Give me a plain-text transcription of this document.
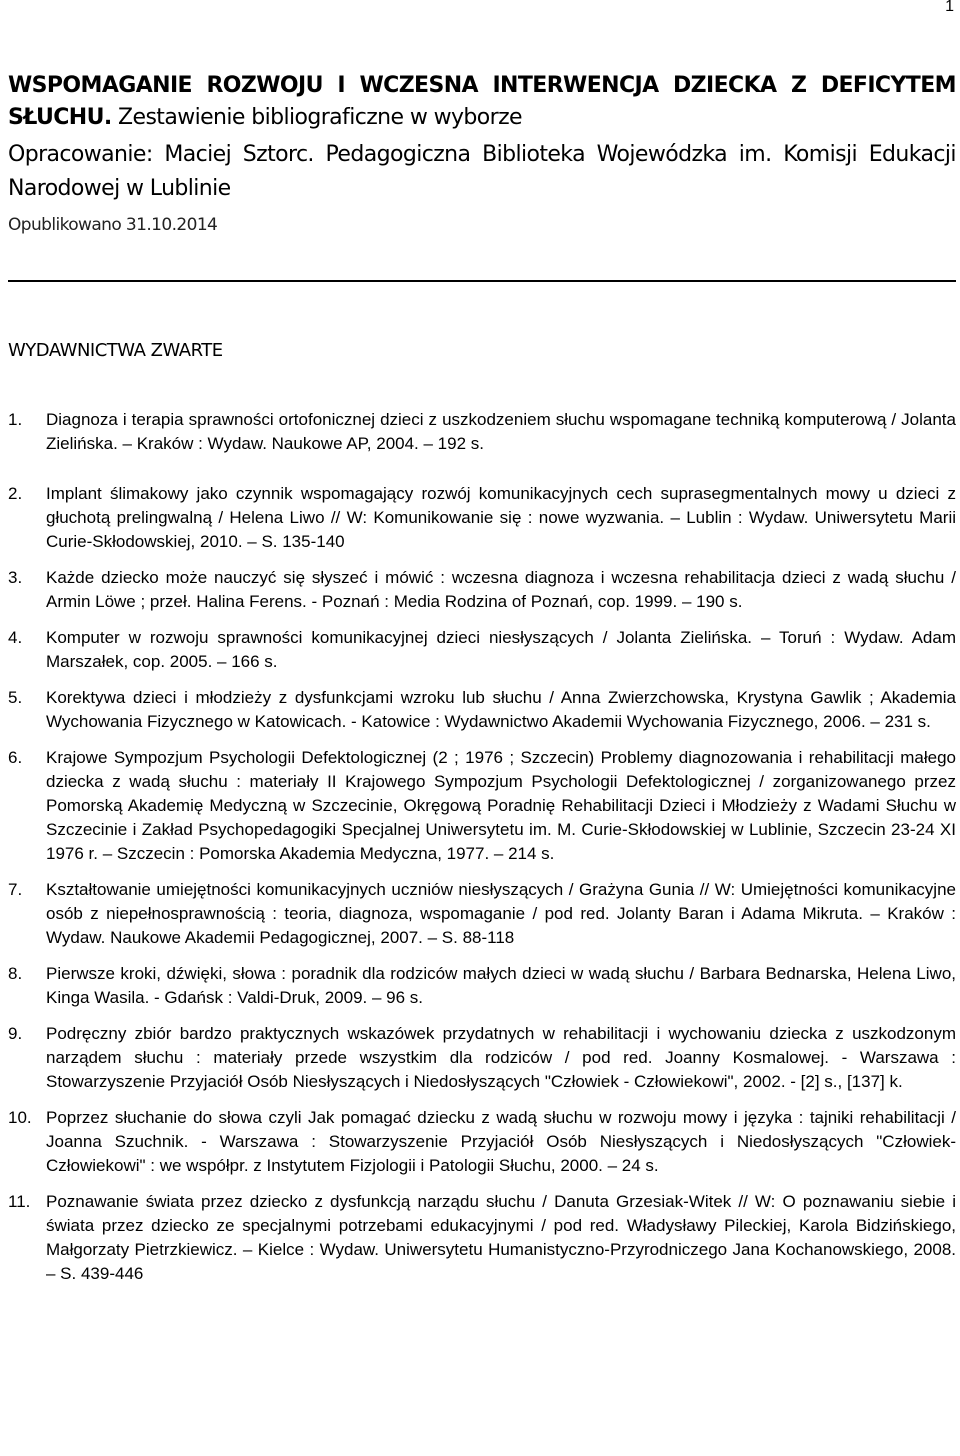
1
WSPOMAGANIE ROZWOJU I WCZESNA INTERWENCJA DZIECKA Z DEFICYTEM
SŁUCHU. Zestawienie bibliograficzne w wyborze
Opracowanie: Maciej Sztorc. Pedagogiczna Biblioteka Wojewódzka im. Komisji Edukacji
Narodowej w Lublinie
Opublikowano 31.10.2014
WYDAWNICTWA ZWARTE
1. Diagnoza i terapia sprawności ortofonicznej dzieci z uszkodzeniem słuchu wspomagane techniką komputerową / Jolanta Zielińska. – Kraków : Wydaw. Naukowe AP, 2004. – 192 s.
2. Implant ślimakowy jako czynnik wspomagający rozwój komunikacyjnych cech suprasegmentalnych mowy u dzieci z głuchotą prelingwalną / Helena Liwo // W: Komunikowanie się : nowe wyzwania. – Lublin : Wydaw. Uniwersytetu Marii Curie-Skłodowskiej, 2010. – S. 135-140
3. Każde dziecko może nauczyć się słyszeć i mówić : wczesna diagnoza i wczesna rehabilitacja dzieci z wadą słuchu / Armin Löwe ; przeł. Halina Ferens. - Poznań : Media Rodzina of Poznań, cop. 1999. – 190 s.
4. Komputer w rozwoju sprawności komunikacyjnej dzieci niesłyszących / Jolanta Zielińska. – Toruń : Wydaw. Adam Marszałek, cop. 2005. – 166 s.
5. Korektywa dzieci i młodzieży z dysfunkcjami wzroku lub słuchu / Anna Zwierzchowska, Krystyna Gawlik ; Akademia Wychowania Fizycznego w Katowicach. - Katowice : Wydawnictwo Akademii Wychowania Fizycznego, 2006. – 231 s.
6. Krajowe Sympozjum Psychologii Defektologicznej (2 ; 1976 ; Szczecin) Problemy diagnozowania i rehabilitacji małego dziecka z wadą słuchu : materiały II Krajowego Sympozjum Psychologii Defektologicznej / zorganizowanego przez Pomorską Akademię Medyczną w Szczecinie, Okręgową Poradnię Rehabilitacji Dzieci i Młodzieży z Wadami Słuchu w Szczecinie i Zakład Psychopedagogiki Specjalnej Uniwersytetu im. M. Curie-Skłodowskiej w Lublinie, Szczecin 23-24 XI 1976 r. – Szczecin : Pomorska Akademia Medyczna, 1977. – 214 s.
7. Kształtowanie umiejętności komunikacyjnych uczniów niesłyszących / Grażyna Gunia // W: Umiejętności komunikacyjne osób z niepełnosprawnością : teoria, diagnoza, wspomaganie / pod red. Jolanty Baran i Adama Mikruta. – Kraków : Wydaw. Naukowe Akademii Pedagogicznej, 2007. – S. 88-118
8. Pierwsze kroki, dźwięki, słowa : poradnik dla rodziców małych dzieci w wadą słuchu / Barbara Bednarska, Helena Liwo, Kinga Wasila. - Gdańsk : Valdi-Druk, 2009. – 96 s.
9. Podręczny zbiór bardzo praktycznych wskazówek przydatnych w rehabilitacji i wychowaniu dziecka z uszkodzonym narządem słuchu : materiały przede wszystkim dla rodziców / pod red. Joanny Kosmalowej. - Warszawa : Stowarzyszenie Przyjaciół Osób Niesłyszących i Niedosłyszących "Człowiek - Człowiekowi", 2002. - [2] s., [137] k.
10. Poprzez słuchanie do słowa czyli Jak pomagać dziecku z wadą słuchu w rozwoju mowy i języka : tajniki rehabilitacji / Joanna Szuchnik. - Warszawa : Stowarzyszenie Przyjaciół Osób Niesłyszących i Niedosłyszących "Człowiek-Człowiekowi" : we współpr. z Instytutem Fizjologii i Patologii Słuchu, 2000. – 24 s.
11. Poznawanie świata przez dziecko z dysfunkcją narządu słuchu / Danuta Grzesiak-Witek // W: O poznawaniu siebie i świata przez dziecko ze specjalnymi potrzebami edukacyjnymi / pod red. Władysławy Pileckiej, Karola Bidzińskiego, Małgorzaty Pietrzkiewicz. – Kielce : Wydaw. Uniwersytetu Humanistyczno-Przyrodniczego Jana Kochanowskiego, 2008. – S. 439-446
